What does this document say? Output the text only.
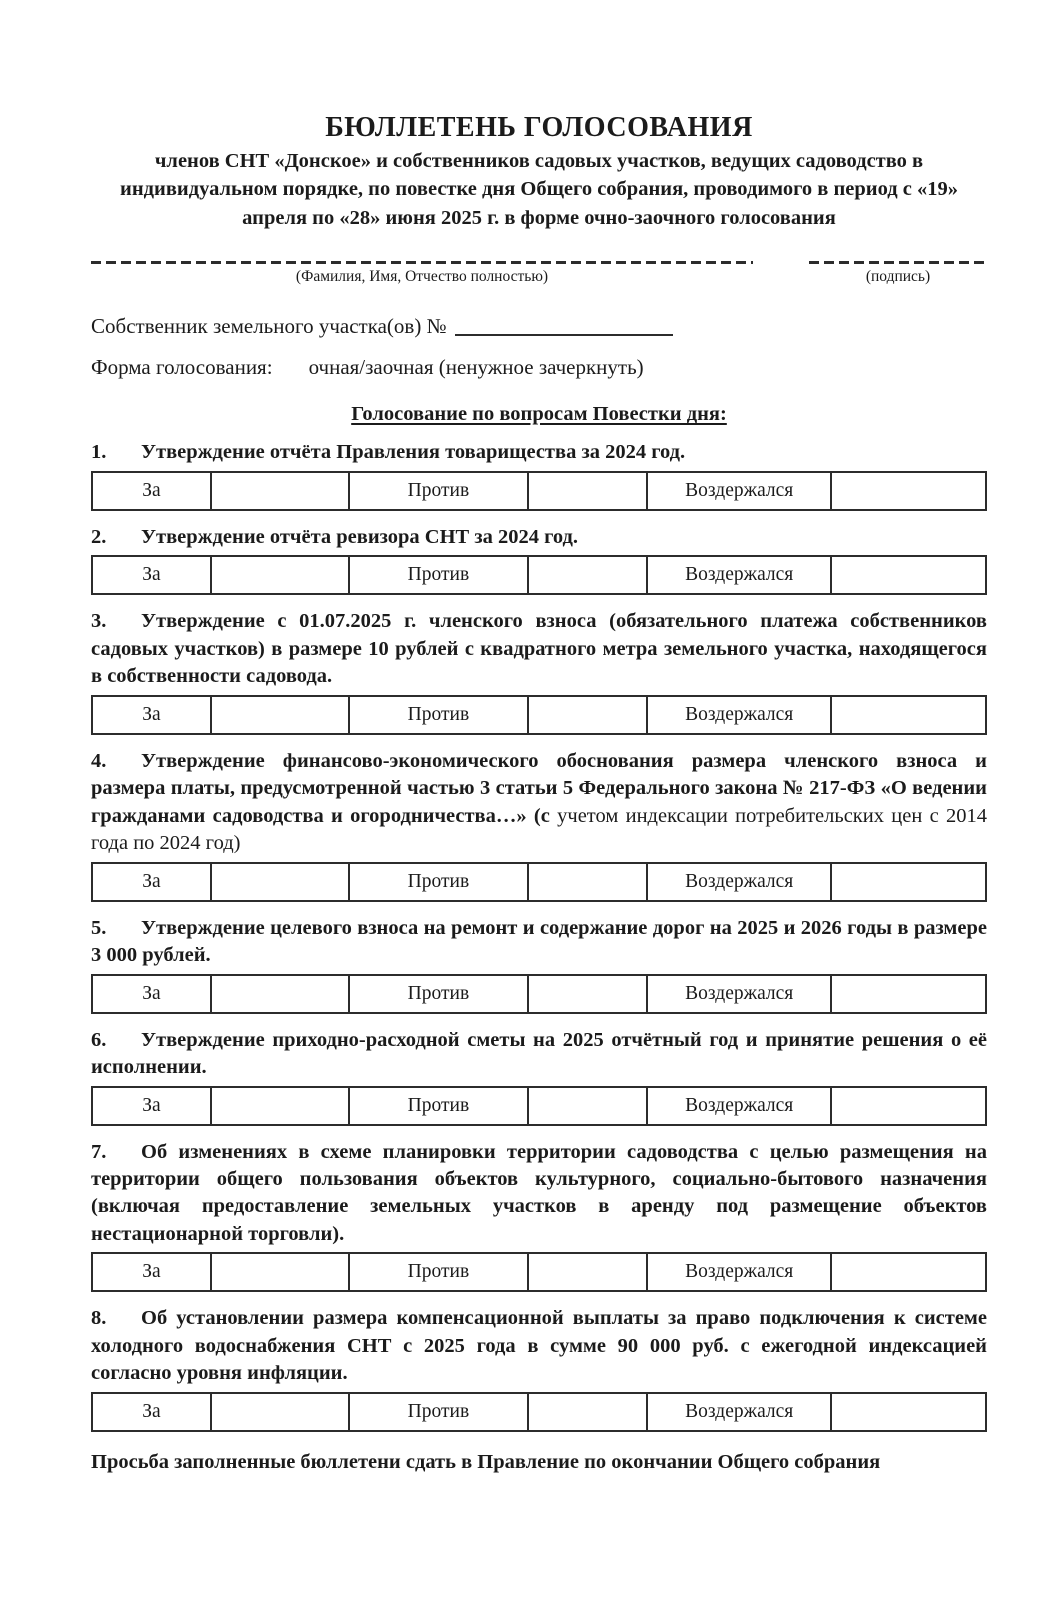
БЮЛЛЕТЕНЬ ГОЛОСОВАНИЯ

членов СНТ «Донское» и собственников садовых участков, ведущих садоводство в индивидуальном порядке, по повестке дня Общего собрания, проводимого в период с «19» апреля по «28» июня 2025 г. в форме очно-заочного голосования

(Фамилия, Имя, Отчество полностью)	(подпись)

Собственник земельного участка(ов) №

Форма голосования: очная/заочная (ненужное зачеркнуть)

Голосование по вопросам Повестки дня:

1. Утверждение отчёта Правления товарищества за 2024 год.

За		Против		Воздержался	

2. Утверждение отчёта ревизора СНТ за 2024 год.

За		Против		Воздержался	

3. Утверждение с 01.07.2025 г. членского взноса (обязательного платежа собственников садовых участков) в размере 10 рублей с квадратного метра земельного участка, находящегося в собственности садовода.

За		Против		Воздержался	

4. Утверждение финансово-экономического обоснования размера членского взноса и размера платы, предусмотренной частью 3 статьи 5 Федерального закона № 217-ФЗ «О ведении гражданами садоводства и огородничества…» (с учетом индексации потребительских цен с 2014 года по 2024 год)

За		Против		Воздержался	

5. Утверждение целевого взноса на ремонт и содержание дорог на 2025 и 2026 годы в размере 3 000 рублей.

За		Против		Воздержался	

6. Утверждение приходно-расходной сметы на 2025 отчётный год и принятие решения о её исполнении.

За		Против		Воздержался	

7. Об изменениях в схеме планировки территории садоводства с целью размещения на территории общего пользования объектов культурного, социально-бытового назначения (включая предоставление земельных участков в аренду под размещение объектов нестационарной торговли).

За		Против		Воздержался	

8. Об установлении размера компенсационной выплаты за право подключения к системе холодного водоснабжения СНТ с 2025 года в сумме 90 000 руб. с ежегодной индексацией согласно уровня инфляции.

За		Против		Воздержался	

Просьба заполненные бюллетени сдать в Правление по окончании Общего собрания
